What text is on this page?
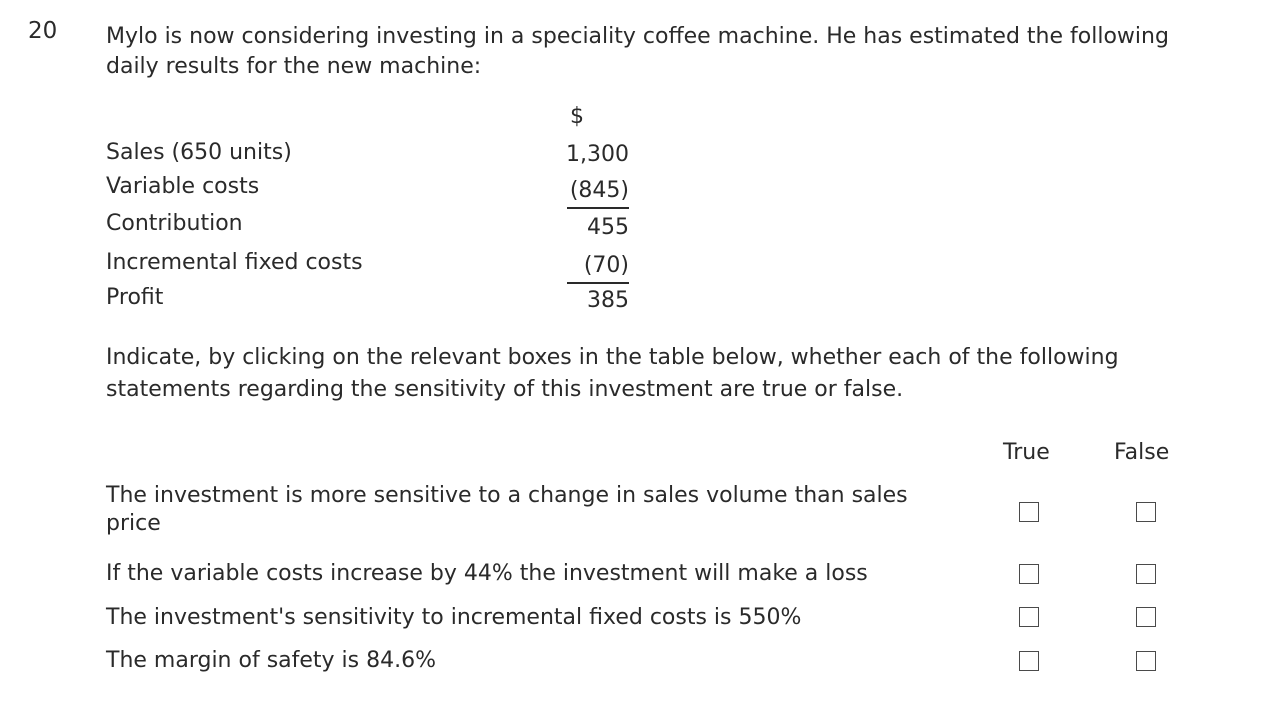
20 Mylo is now considering investing in a speciality coffee machine. He has estimated the following daily results for the new machine:

$
Sales (650 units)	1,300
Variable costs	(845)
Contribution	455
Incremental fixed costs	(70)
Profit	385

Indicate, by clicking on the relevant boxes in the table below, whether each of the following statements regarding the sensitivity of this investment are true or false.

True	False
The investment is more sensitive to a change in sales volume than sales price
If the variable costs increase by 44% the investment will make a loss
The investment's sensitivity to incremental fixed costs is 550%
The margin of safety is 84.6%
